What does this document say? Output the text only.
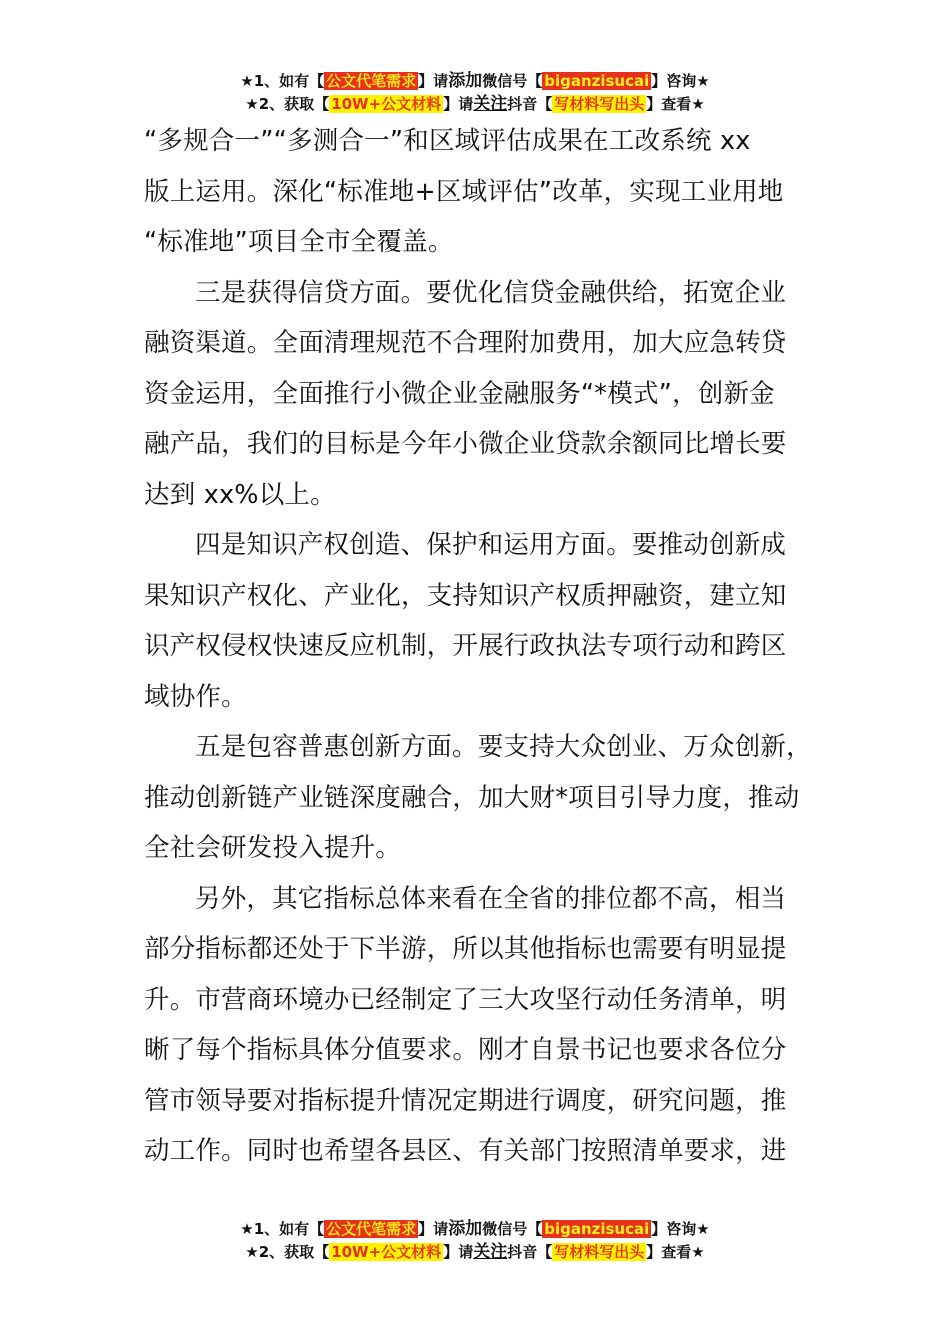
★1、如有【 公文代笔需求 】请添加微信号【 biganzisucai 】咨询★
★2、获取【 10W+公文材料 】请关注抖音【 写材料写出头 】查看★

“多规合一”“多测合一”和区域评估成果在工改系统 xx

版上运用。深化“标准地+区域评估”改革，实现工业用地

“标准地”项目全市全覆盖。

三是获得信贷方面。要优化信贷金融供给，拓宽企业

融资渠道。全面清理规范不合理附加费用，加大应急转贷

资金运用，全面推行小微企业金融服务“*模式”，创新金

融产品，我们的目标是今年小微企业贷款余额同比增长要

达到 xx%以上。

四是知识产权创造、保护和运用方面。要推动创新成

果知识产权化、产业化，支持知识产权质押融资，建立知

识产权侵权快速反应机制，开展行政执法专项行动和跨区

域协作。

五是包容普惠创新方面。要支持大众创业、万众创新，

推动创新链产业链深度融合，加大财*项目引导力度，推动

全社会研发投入提升。

另外，其它指标总体来看在全省的排位都不高，相当

部分指标都还处于下半游，所以其他指标也需要有明显提

升。市营商环境办已经制定了三大攻坚行动任务清单，明

晰了每个指标具体分值要求。刚才自景书记也要求各位分

管市领导要对指标提升情况定期进行调度，研究问题，推

动工作。同时也希望各县区、有关部门按照清单要求，进

★1、如有【 公文代笔需求 】请添加微信号【 biganzisucai 】咨询★
★2、获取【 10W+公文材料 】请关注抖音【 写材料写出头 】查看★
